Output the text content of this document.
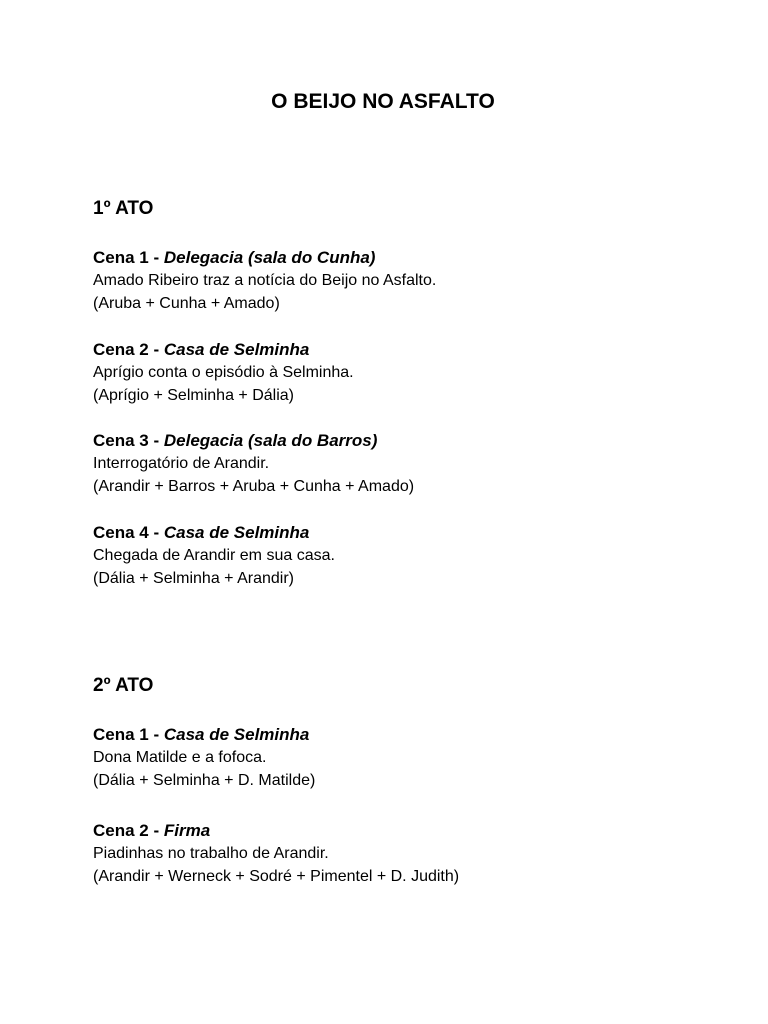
O BEIJO NO ASFALTO
1º ATO

Cena 1 - Delegacia (sala do Cunha)

Amado Ribeiro traz a notícia do Beijo no Asfalto.

(Aruba + Cunha + Amado)

Cena 2 - Casa de Selminha

Aprígio conta o episódio à Selminha.

(Aprígio + Selminha + Dália)

Cena 3 - Delegacia (sala do Barros)

Interrogatório de Arandir.

(Arandir + Barros + Aruba + Cunha + Amado)

Cena 4 - Casa de Selminha

Chegada de Arandir em sua casa.

(Dália + Selminha + Arandir)

2º ATO

Cena 1 - Casa de Selminha

Dona Matilde e a fofoca.

(Dália + Selminha + D. Matilde)

Cena 2 - Firma

Piadinhas no trabalho de Arandir.

(Arandir + Werneck + Sodré + Pimentel + D. Judith)
